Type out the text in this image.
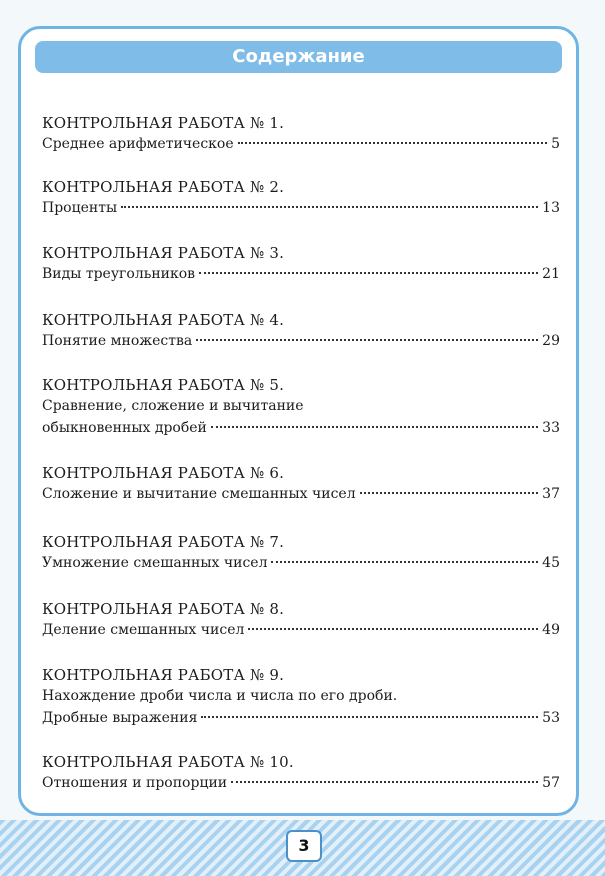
Содержание
КОНТРОЛЬНАЯ РАБОТА № 1.
Среднее арифметическое	5
КОНТРОЛЬНАЯ РАБОТА № 2.
Проценты	13
КОНТРОЛЬНАЯ РАБОТА № 3.
Виды треугольников	21
КОНТРОЛЬНАЯ РАБОТА № 4.
Понятие множества	29
КОНТРОЛЬНАЯ РАБОТА № 5.
Сравнение, сложение и вычитание
обыкновенных дробей	33
КОНТРОЛЬНАЯ РАБОТА № 6.
Сложение и вычитание смешанных чисел	37
КОНТРОЛЬНАЯ РАБОТА № 7.
Умножение смешанных чисел	45
КОНТРОЛЬНАЯ РАБОТА № 8.
Деление смешанных чисел	49
КОНТРОЛЬНАЯ РАБОТА № 9.
Нахождение дроби числа и числа по его дроби.
Дробные выражения	53
КОНТРОЛЬНАЯ РАБОТА № 10.
Отношения и пропорции	57
3
